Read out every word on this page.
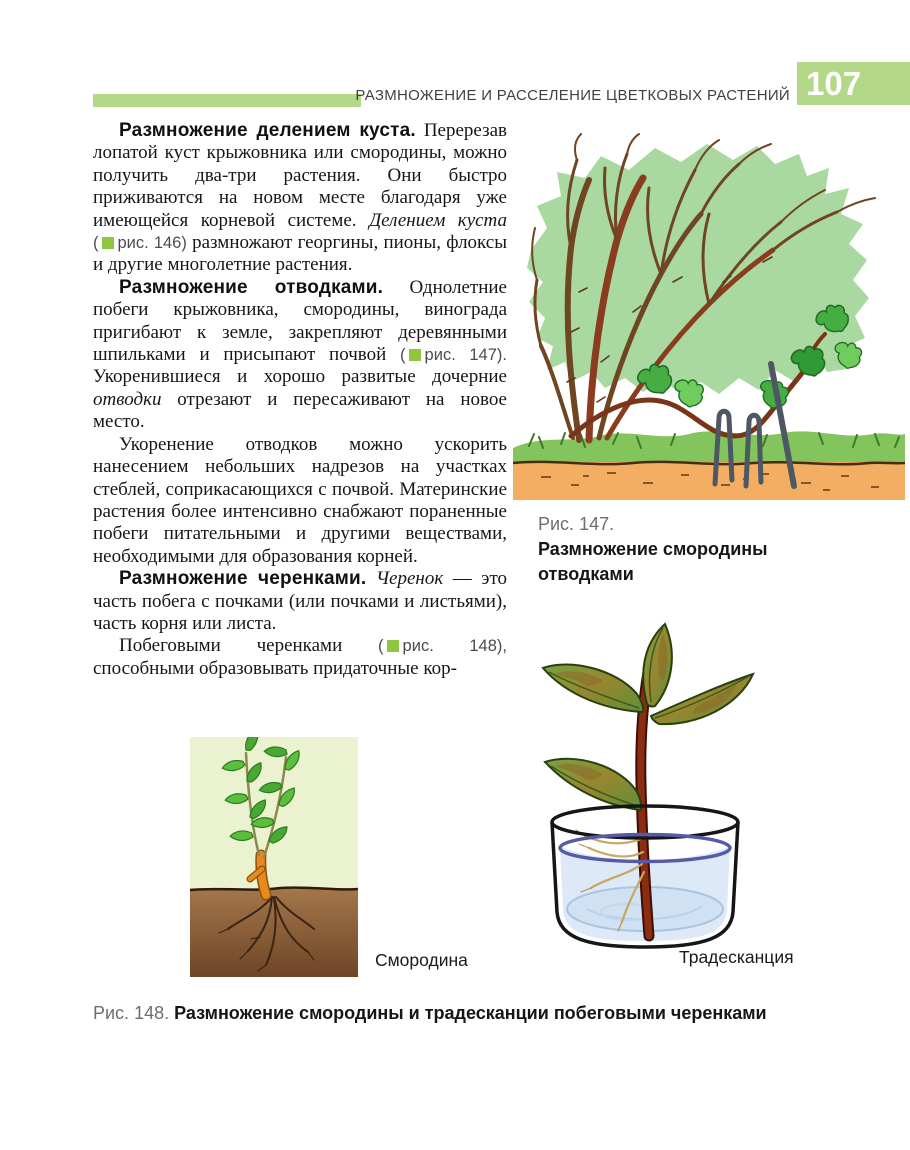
РАЗМНОЖЕНИЕ И РАССЕЛЕНИЕ ЦВЕТКОВЫХ РАСТЕНИЙ 107

Размножение делением куста. Перерезав лопатой куст крыжовника или смородины, можно получить два-три растения. Они быстро приживаются на новом месте благодаря уже имеющейся корневой системе. Делением куста ( рис. 146) размножают георгины, пионы, флоксы и другие многолетние растения.

Размножение отводками. Однолетние побеги крыжовника, смородины, винограда пригибают к земле, закрепляют деревянными шпильками и присыпают почвой ( рис. 147). Укоренившиеся и хорошо развитые дочерние отводки отрезают и пересаживают на новое место.

Укоренение отводков можно ускорить нанесением небольших надрезов на участках стеблей, соприкасающихся с почвой. Материнские растения более интенсивно снабжают пораненные побеги питательными и другими веществами, необходимыми для образования корней.

Размножение черенками. Черенок — это часть побега с почками (или почками и листьями), часть корня или листа.

Побеговыми черенками ( рис. 148), способными образовывать придаточные кор-

Рис. 147.
Размножение смородины отводками
Смородина	Традесканция
Рис. 148. Размножение смородины и традесканции побеговыми черенками
